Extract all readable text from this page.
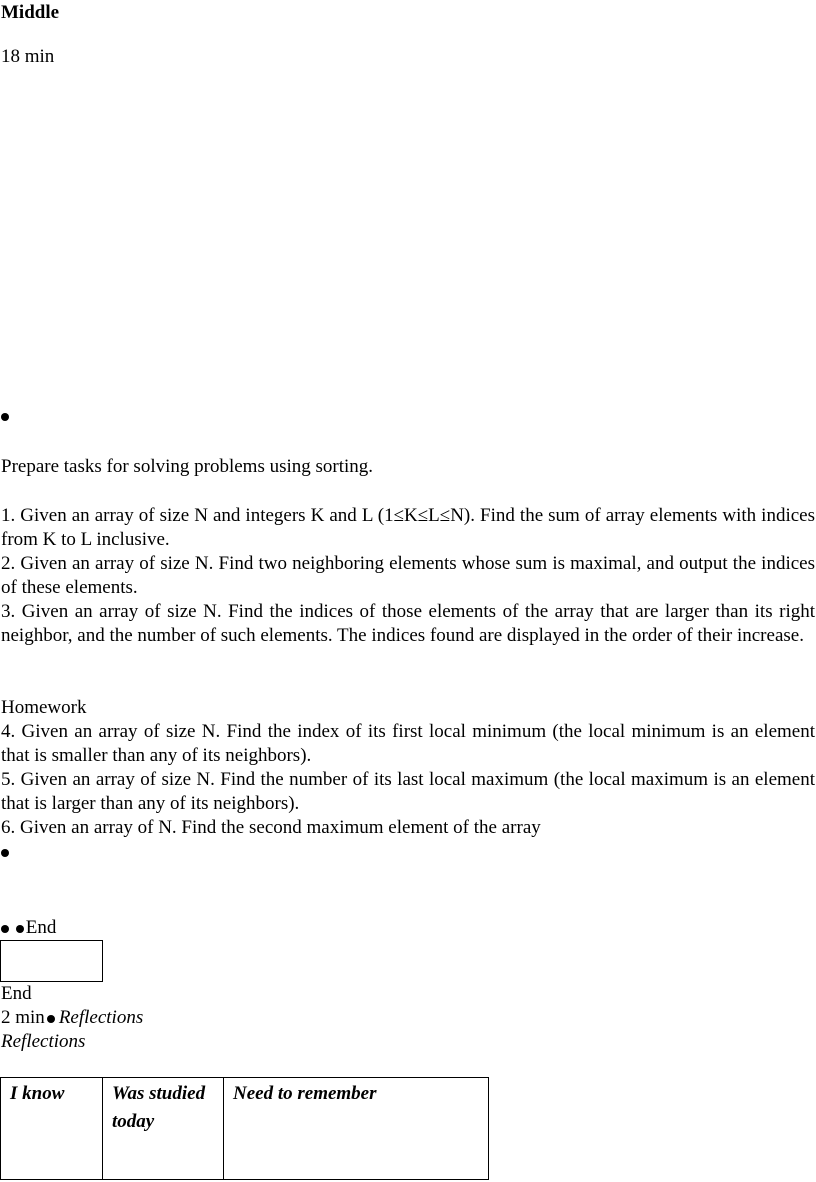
Middle
18 min
Prepare tasks for solving problems using sorting.
1. Given an array of size N and integers K and L (1≤K≤L≤N). Find the sum of array elements with indices from K to L inclusive.
2. Given an array of size N. Find two neighboring elements whose sum is maximal, and output the indices of these elements.
3. Given an array of size N. Find the indices of those elements of the array that are larger than its right neighbor, and the number of such elements. The indices found are displayed in the order of their increase.
Homework
4. Given an array of size N. Find the index of its first local minimum (the local minimum is an element that is smaller than any of its neighbors).
5. Given an array of size N. Find the number of its last local maximum (the local maximum is an element that is larger than any of its neighbors).
6. Given an array of N. Find the second maximum element of the array
End
End
2 min Reflections
Reflections
I know	Was studied today	Need to remember
